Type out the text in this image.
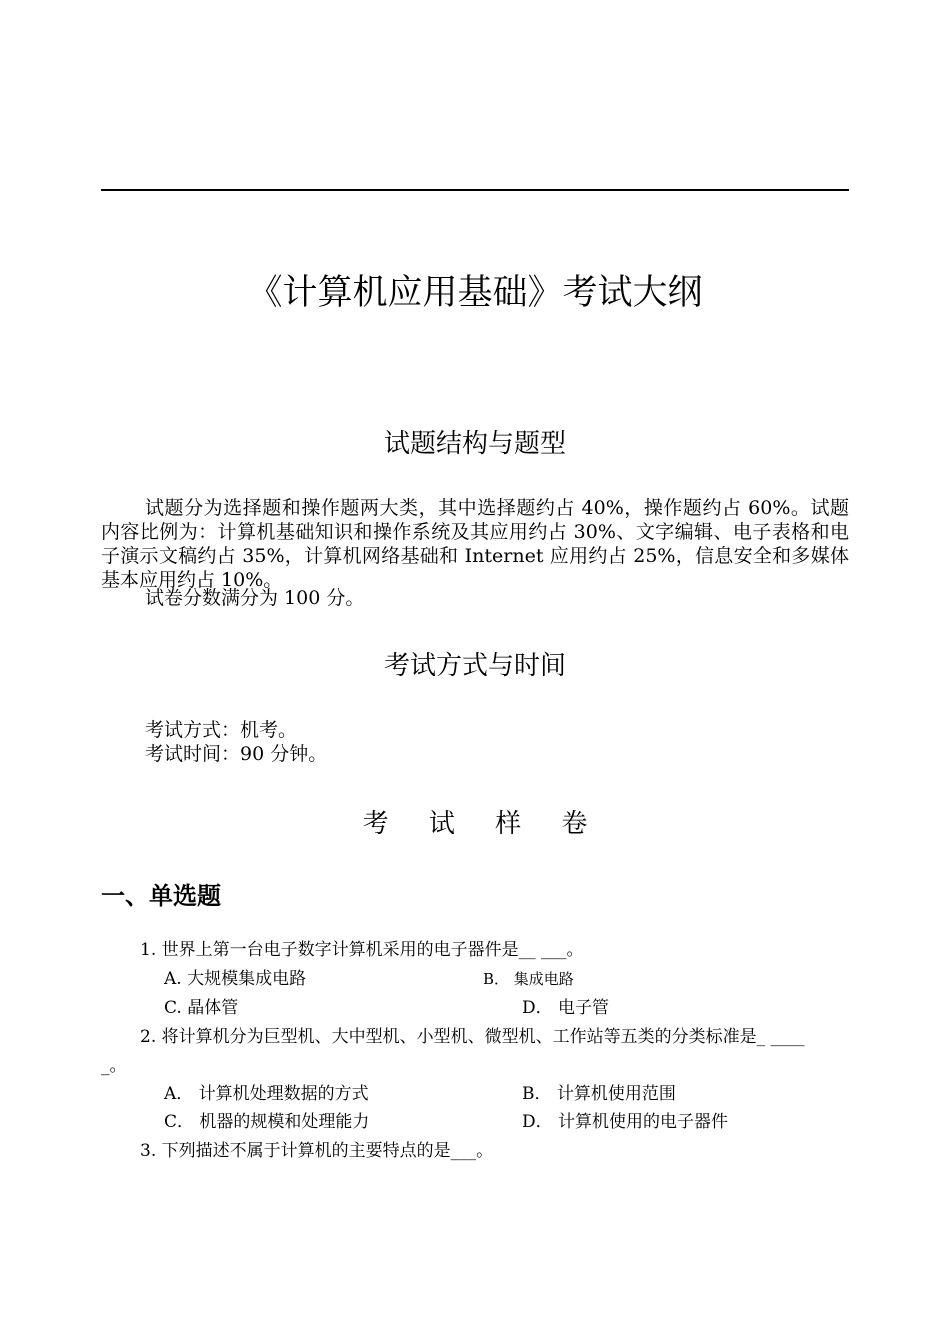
《计算机应用基础》考试大纲
试题结构与题型
试题分为选择题和操作题两大类，其中选择题约占 40%，操作题约占 60%。试题内容比例为：计算机基础知识和操作系统及其应用约占 30%、文字编辑、电子表格和电子演示文稿约占 35%，计算机网络基础和 Internet 应用约占 25%，信息安全和多媒体基本应用约占 10%。
试卷分数满分为 100 分。
考试方式与时间
考试方式：机考。
考试时间：90 分钟。
考 试 样 卷
一、单选题
1. 世界上第一台电子数字计算机采用的电子器件是__ ___。
A. 大规模集成电路	B． 集成电路
C. 晶体管	D． 电子管
2. 将计算机分为巨型机、大中型机、小型机、微型机、工作站等五类的分类标准是_ ____
_。
A． 计算机处理数据的方式	B． 计算机使用范围
C． 机器的规模和处理能力	D． 计算机使用的电子器件
3. 下列描述不属于计算机的主要特点的是___。
